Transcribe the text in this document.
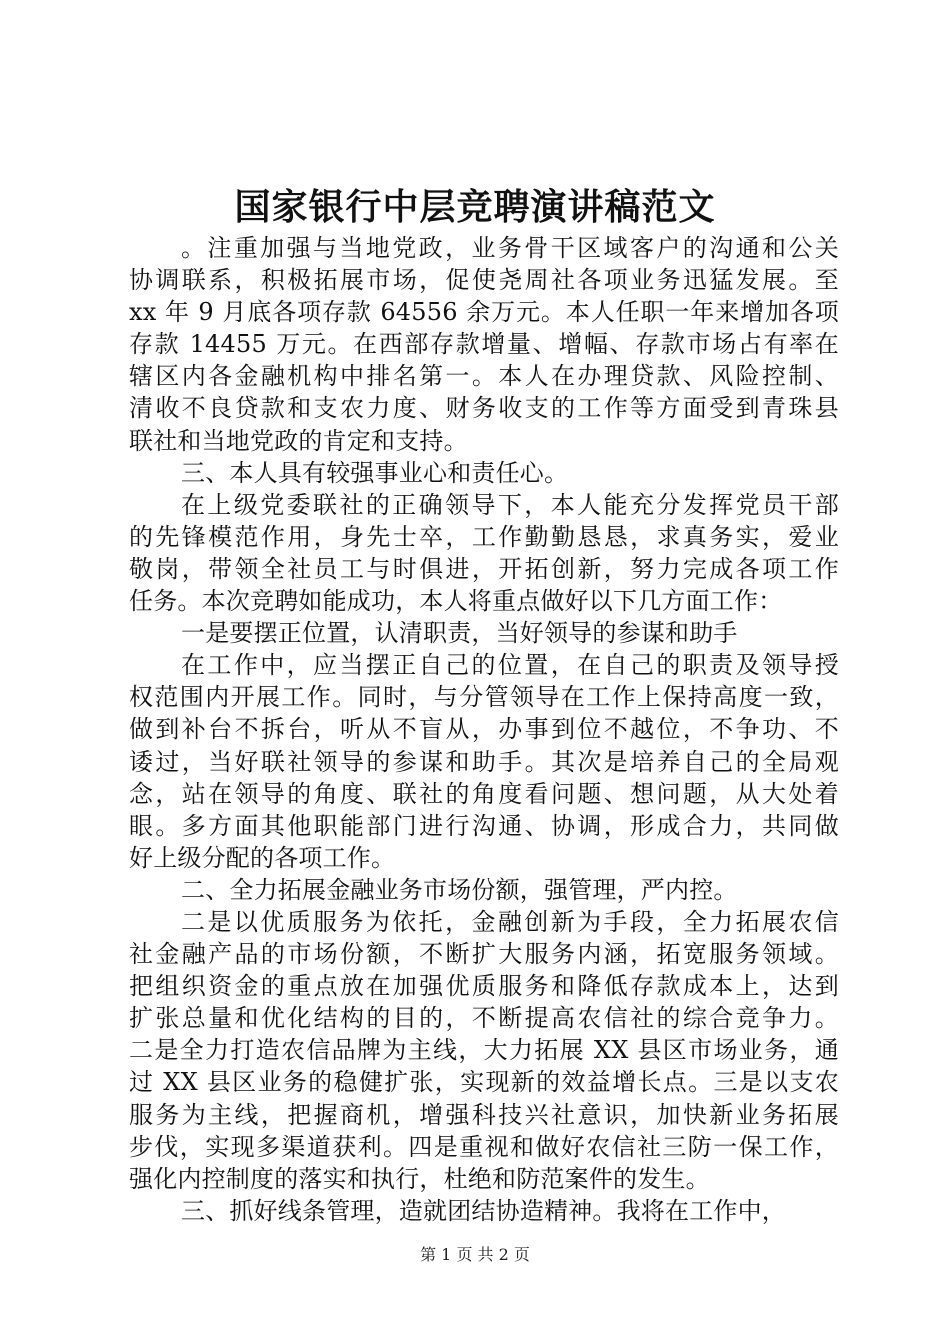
国家银行中层竞聘演讲稿范文
。注重加强与当地党政，业务骨干区域客户的沟通和公关
协调联系，积极拓展市场，促使尧周社各项业务迅猛发展。至
xx 年 9 月底各项存款 64556 余万元。本人任职一年来增加各项
存款 14455 万元。在西部存款增量、增幅、存款市场占有率在
辖区内各金融机构中排名第一。本人在办理贷款、风险控制、
清收不良贷款和支农力度、财务收支的工作等方面受到青珠县
联社和当地党政的肯定和支持。
三、本人具有较强事业心和责任心。
在上级党委联社的正确领导下，本人能充分发挥党员干部
的先锋模范作用，身先士卒，工作勤勤恳恳，求真务实，爱业
敬岗，带领全社员工与时俱进，开拓创新，努力完成各项工作
任务。本次竞聘如能成功，本人将重点做好以下几方面工作：
一是要摆正位置，认清职责，当好领导的参谋和助手
在工作中，应当摆正自己的位置，在自己的职责及领导授
权范围内开展工作。同时，与分管领导在工作上保持高度一致，
做到补台不拆台，听从不盲从，办事到位不越位，不争功、不
诿过，当好联社领导的参谋和助手。其次是培养自己的全局观
念，站在领导的角度、联社的角度看问题、想问题，从大处着
眼。多方面其他职能部门进行沟通、协调，形成合力，共同做
好上级分配的各项工作。
二、全力拓展金融业务市场份额，强管理，严内控。
二是以优质服务为依托，金融创新为手段，全力拓展农信
社金融产品的市场份额，不断扩大服务内涵，拓宽服务领域。
把组织资金的重点放在加强优质服务和降低存款成本上，达到
扩张总量和优化结构的目的，不断提高农信社的综合竞争力。
二是全力打造农信品牌为主线，大力拓展 XX 县区市场业务，通
过 XX 县区业务的稳健扩张，实现新的效益增长点。三是以支农
服务为主线，把握商机，增强科技兴社意识，加快新业务拓展
步伐，实现多渠道获利。四是重视和做好农信社三防一保工作，
强化内控制度的落实和执行，杜绝和防范案件的发生。
三、抓好线条管理，造就团结协造精神。我将在工作中，
第 1 页 共 2 页
